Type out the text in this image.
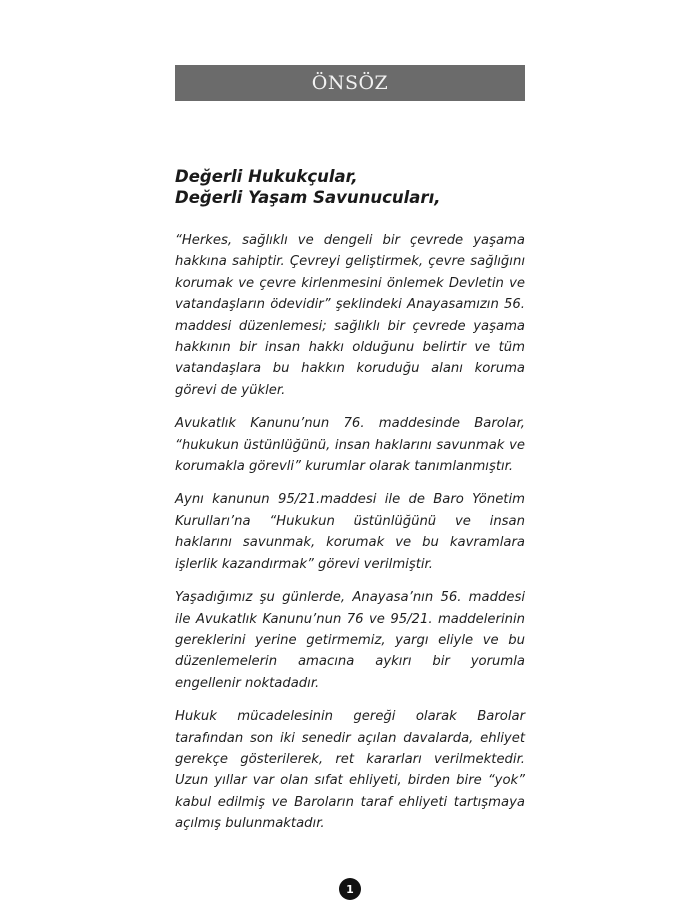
ÖNSÖZ
Değerli Hukukçular,
Değerli Yaşam Savunucuları,

“Herkes, sağlıklı ve dengeli bir çevrede yaşama hakkına sahiptir. Çevreyi geliştirmek, çevre sağlığını korumak ve çevre kirlenmesini önlemek Devletin ve vatandaşların ödevidir” şeklindeki Anayasamızın 56. maddesi düzenlemesi; sağlıklı bir çevrede yaşama hakkının bir insan hakkı olduğunu belirtir ve tüm vatandaşlara bu hakkın koruduğu alanı koruma görevi de yükler.

Avukatlık Kanunu’nun 76. maddesinde Barolar, “hukukun üstünlüğünü, insan haklarını savunmak ve korumakla görevli” kurumlar olarak tanımlanmıştır.

Aynı kanunun 95/21.maddesi ile de Baro Yönetim Kurulları’na “Hukukun üstünlüğünü ve insan haklarını savunmak, korumak ve bu kavramlara işlerlik kazandırmak” görevi verilmiştir.

Yaşadığımız şu günlerde, Anayasa’nın 56. maddesi ile Avukatlık Kanunu’nun 76 ve 95/21. maddelerinin gereklerini yerine getirmemiz, yargı eliyle ve bu düzenlemelerin amacına aykırı bir yorumla engellenir noktadadır.

Hukuk mücadelesinin gereği olarak Barolar tarafından son iki senedir açılan davalarda, ehliyet gerekçe gösterilerek, ret kararları verilmektedir. Uzun yıllar var olan sıfat ehliyeti, birden bire “yok” kabul edilmiş ve Baroların taraf ehliyeti tartışmaya açılmış bulunmaktadır.

1
